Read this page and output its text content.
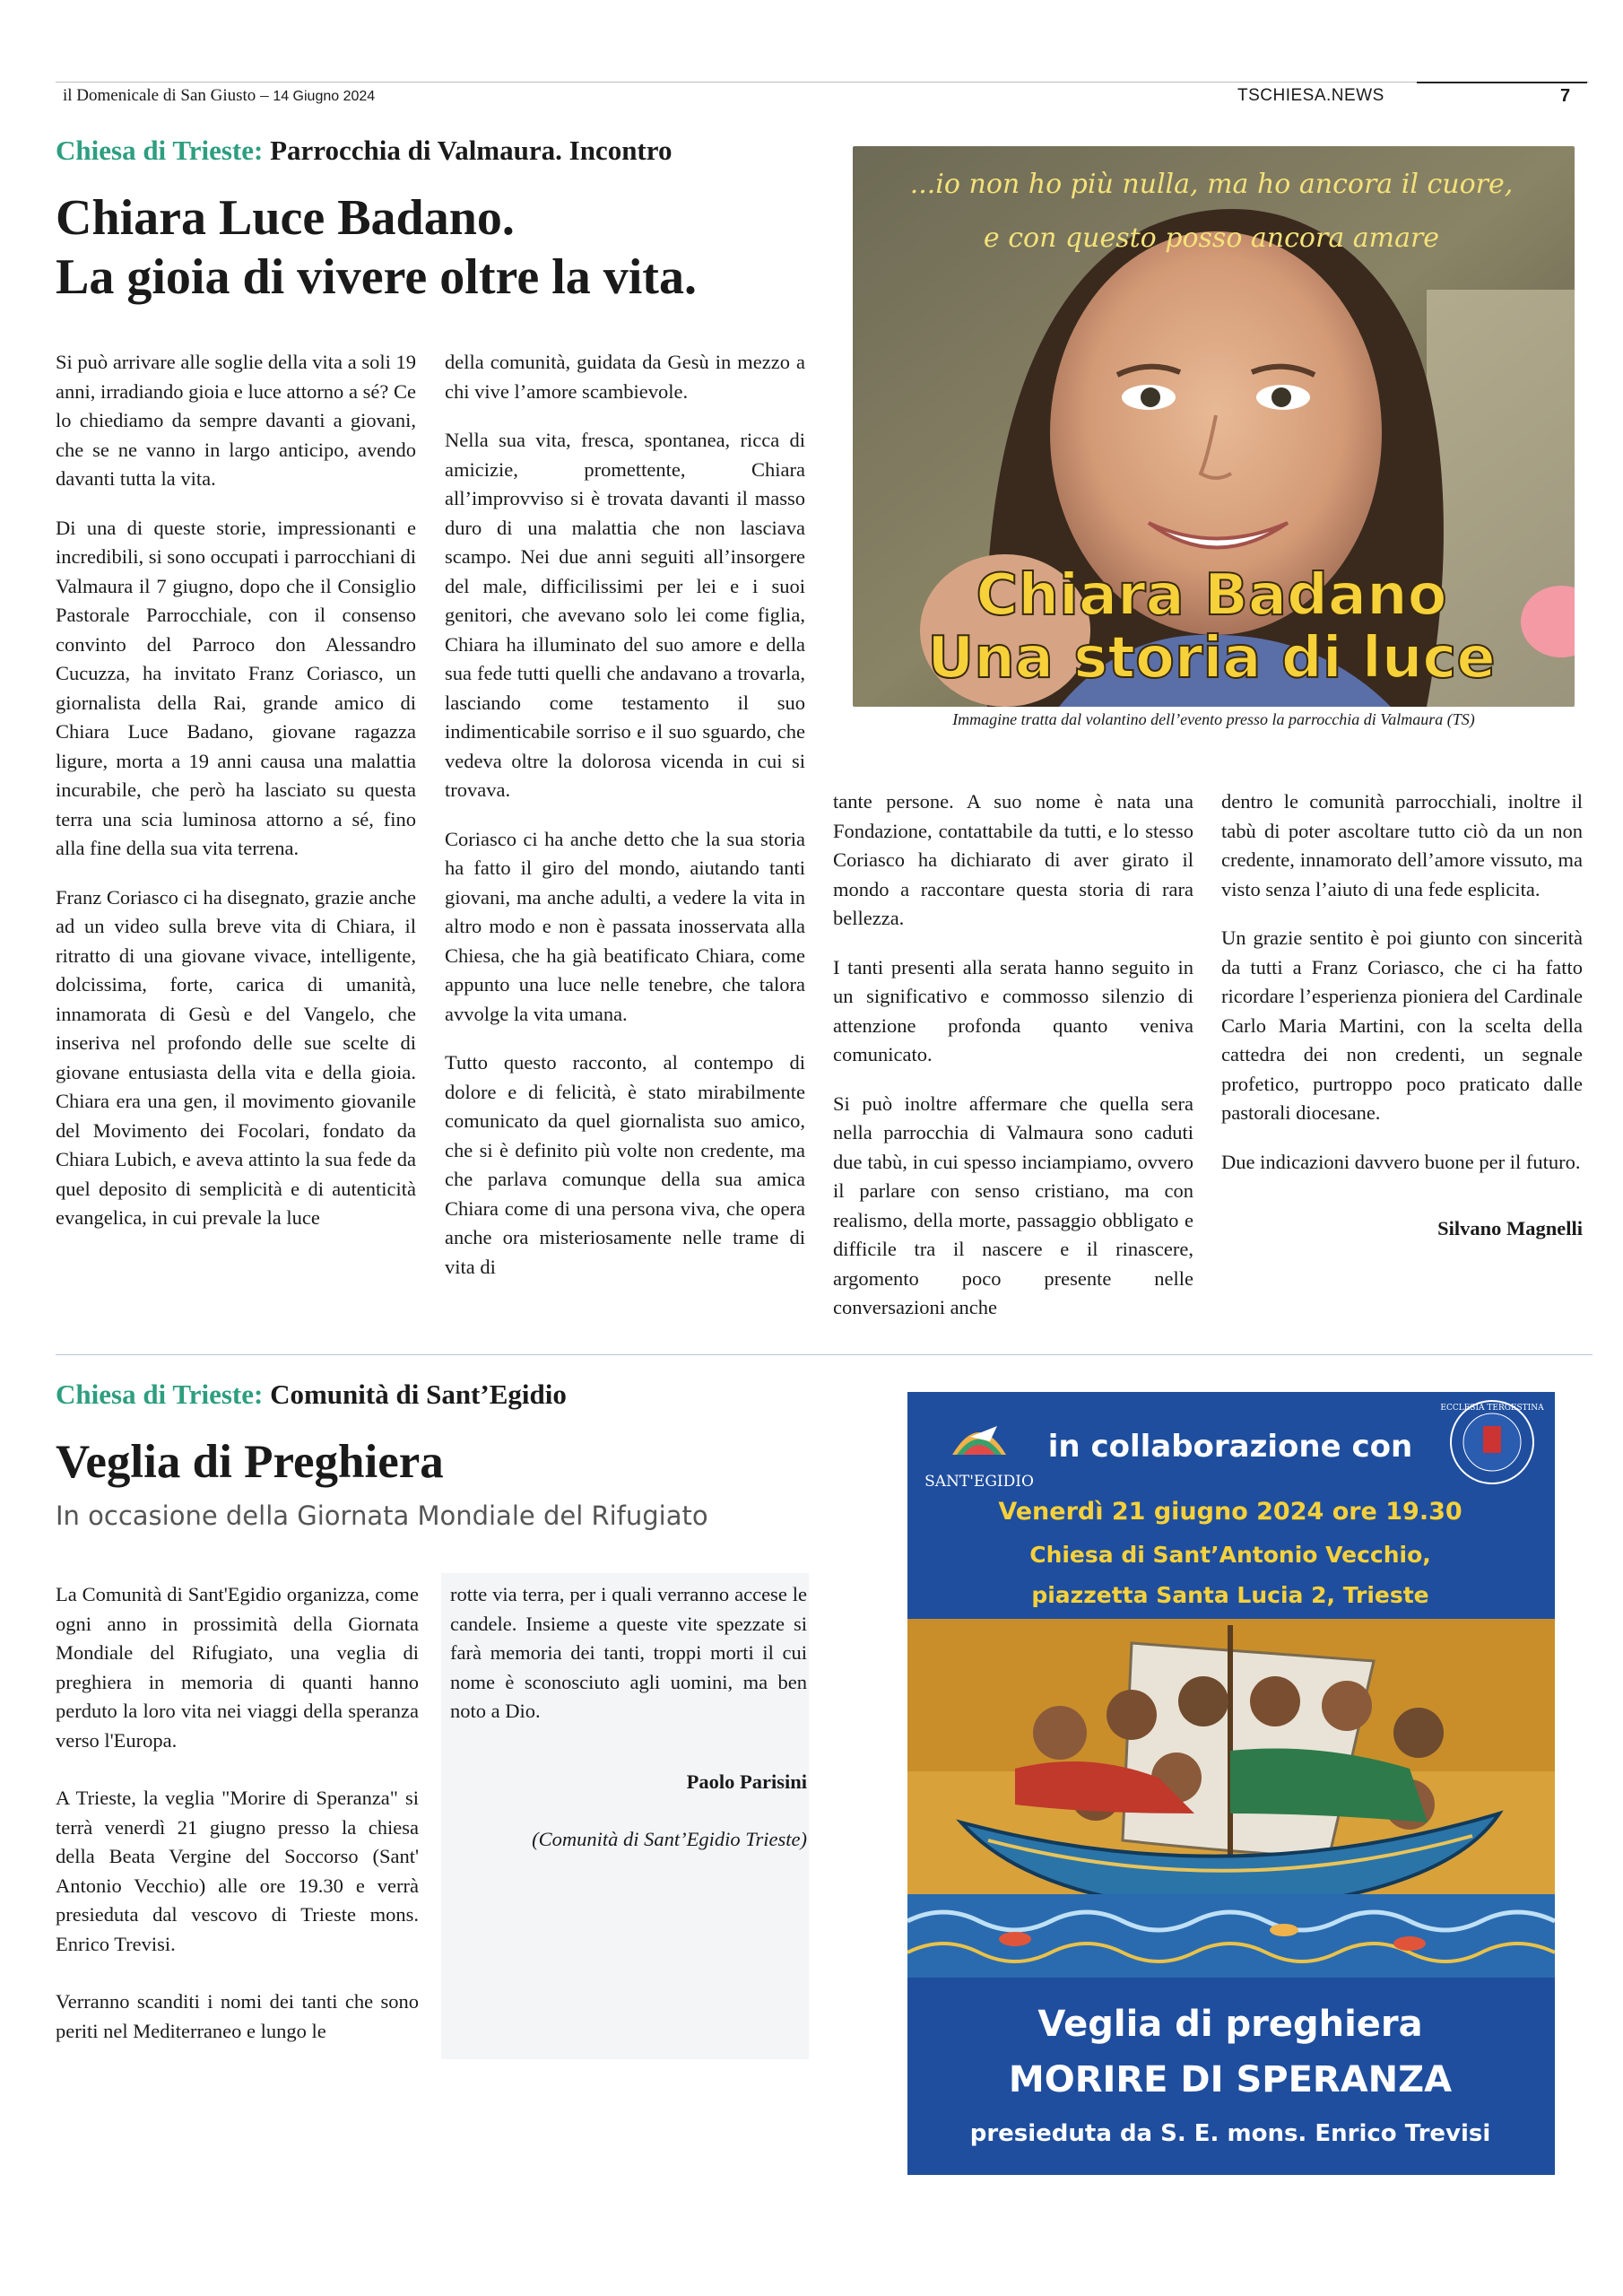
il Domenicale di San Giusto – 14 Giugno 2024	TSCHIESA.NEWS	7
Chiesa di Trieste: Parrocchia di Valmaura. Incontro
Chiara Luce Badano.
La gioia di vivere oltre la vita.

Si può arrivare alle soglie della vita a soli 19 anni, irradiando gioia e luce attorno a sé? Ce lo chiediamo da sempre davanti a giovani, che se ne vanno in largo anticipo, avendo davanti tutta la vita.

Di una di queste storie, impressionanti e incredibili, si sono occupati i parrocchiani di Valmaura il 7 giugno, dopo che il Consiglio Pastorale Parrocchiale, con il consenso convinto del Parroco don Alessandro Cucuzza, ha invitato Franz Coriasco, un giornalista della Rai, grande amico di Chiara Luce Badano, giovane ragazza ligure, morta a 19 anni causa una malattia incurabile, che però ha lasciato su questa terra una scia luminosa attorno a sé, fino alla fine della sua vita terrena.

Franz Coriasco ci ha disegnato, grazie anche ad un video sulla breve vita di Chiara, il ritratto di una giovane vivace, intelligente, dolcissima, forte, carica di umanità, innamorata di Gesù e del Vangelo, che inseriva nel profondo delle sue scelte di giovane entusiasta della vita e della gioia. Chiara era una gen, il movimento giovanile del Movimento dei Focolari, fondato da Chiara Lubich, e aveva attinto la sua fede da quel deposito di semplicità e di autenticità evangelica, in cui prevale la luce

della comunità, guidata da Gesù in mezzo a chi vive l’amore scambievole.

Nella sua vita, fresca, spontanea, ricca di amicizie, promettente, Chiara all’improvviso si è trovata davanti il masso duro di una malattia che non lasciava scampo. Nei due anni seguiti all’insorgere del male, difficilissimi per lei e i suoi genitori, che avevano solo lei come figlia, Chiara ha illuminato del suo amore e della sua fede tutti quelli che andavano a trovarla, lasciando come testamento il suo indimenticabile sorriso e il suo sguardo, che vedeva oltre la dolorosa vicenda in cui si trovava.

Coriasco ci ha anche detto che la sua storia ha fatto il giro del mondo, aiutando tanti giovani, ma anche adulti, a vedere la vita in altro modo e non è passata inosservata alla Chiesa, che ha già beatificato Chiara, come appunto una luce nelle tenebre, che talora avvolge la vita umana.

Tutto questo racconto, al contempo di dolore e di felicità, è stato mirabilmente comunicato da quel giornalista suo amico, che si è definito più volte non credente, ma che parlava comunque della sua amica Chiara come di una persona viva, che opera anche ora misteriosamente nelle trame di vita di

tante persone. A suo nome è nata una Fondazione, contattabile da tutti, e lo stesso Coriasco ha dichiarato di aver girato il mondo a raccontare questa storia di rara bellezza.

I tanti presenti alla serata hanno seguito in un significativo e commosso silenzio di attenzione profonda quanto veniva comunicato.

Si può inoltre affermare che quella sera nella parrocchia di Valmaura sono caduti due tabù, in cui spesso inciampiamo, ovvero il parlare con senso cristiano, ma con realismo, della morte, passaggio obbligato e difficile tra il nascere e il rinascere, argomento poco presente nelle conversazioni anche

dentro le comunità parrocchiali, inoltre il tabù di poter ascoltare tutto ciò da un non credente, innamorato dell’amore vissuto, ma visto senza l’aiuto di una fede esplicita.

Un grazie sentito è poi giunto con sincerità da tutti a Franz Coriasco, che ci ha fatto ricordare l’esperienza pioniera del Cardinale Carlo Maria Martini, con la scelta della cattedra dei non credenti, un segnale profetico, purtroppo poco praticato dalle pastorali diocesane.

Due indicazioni davvero buone per il futuro.

Silvano Magnelli
...io non ho più nulla, ma ho ancora il cuore,
e con questo posso ancora amare
Chiara Badano
Una storia di luce
Immagine tratta dal volantino dell’evento presso la parrocchia di Valmaura (TS)
Chiesa di Trieste: Comunità di Sant’Egidio
Veglia di Preghiera
In occasione della Giornata Mondiale del Rifugiato

La Comunità di Sant'Egidio organizza, come ogni anno in prossimità della Giornata Mondiale del Rifugiato, una veglia di preghiera in memoria di quanti hanno perduto la loro vita nei viaggi della speranza verso l'Europa.

A Trieste, la veglia "Morire di Speranza" si terrà venerdì 21 giugno presso la chiesa della Beata Vergine del Soccorso (Sant' Antonio Vecchio) alle ore 19.30 e verrà presieduta dal vescovo di Trieste mons. Enrico Trevisi.

Verranno scanditi i nomi dei tanti che sono periti nel Mediterraneo e lungo le

rotte via terra, per i quali verranno accese le candele. Insieme a queste vite spezzate si farà memoria dei tanti, troppi morti il cui nome è sconosciuto agli uomini, ma ben noto a Dio.

Paolo Parisini
(Comunità di Sant’Egidio Trieste)
SANT'EGIDIO
ECCLESIA TERGESTINA
in collaborazione con
Venerdì 21 giugno 2024 ore 19.30
Chiesa di Sant’Antonio Vecchio,
piazzetta Santa Lucia 2, Trieste
Veglia di preghiera
MORIRE DI SPERANZA
presieduta da S. E. mons. Enrico Trevisi
